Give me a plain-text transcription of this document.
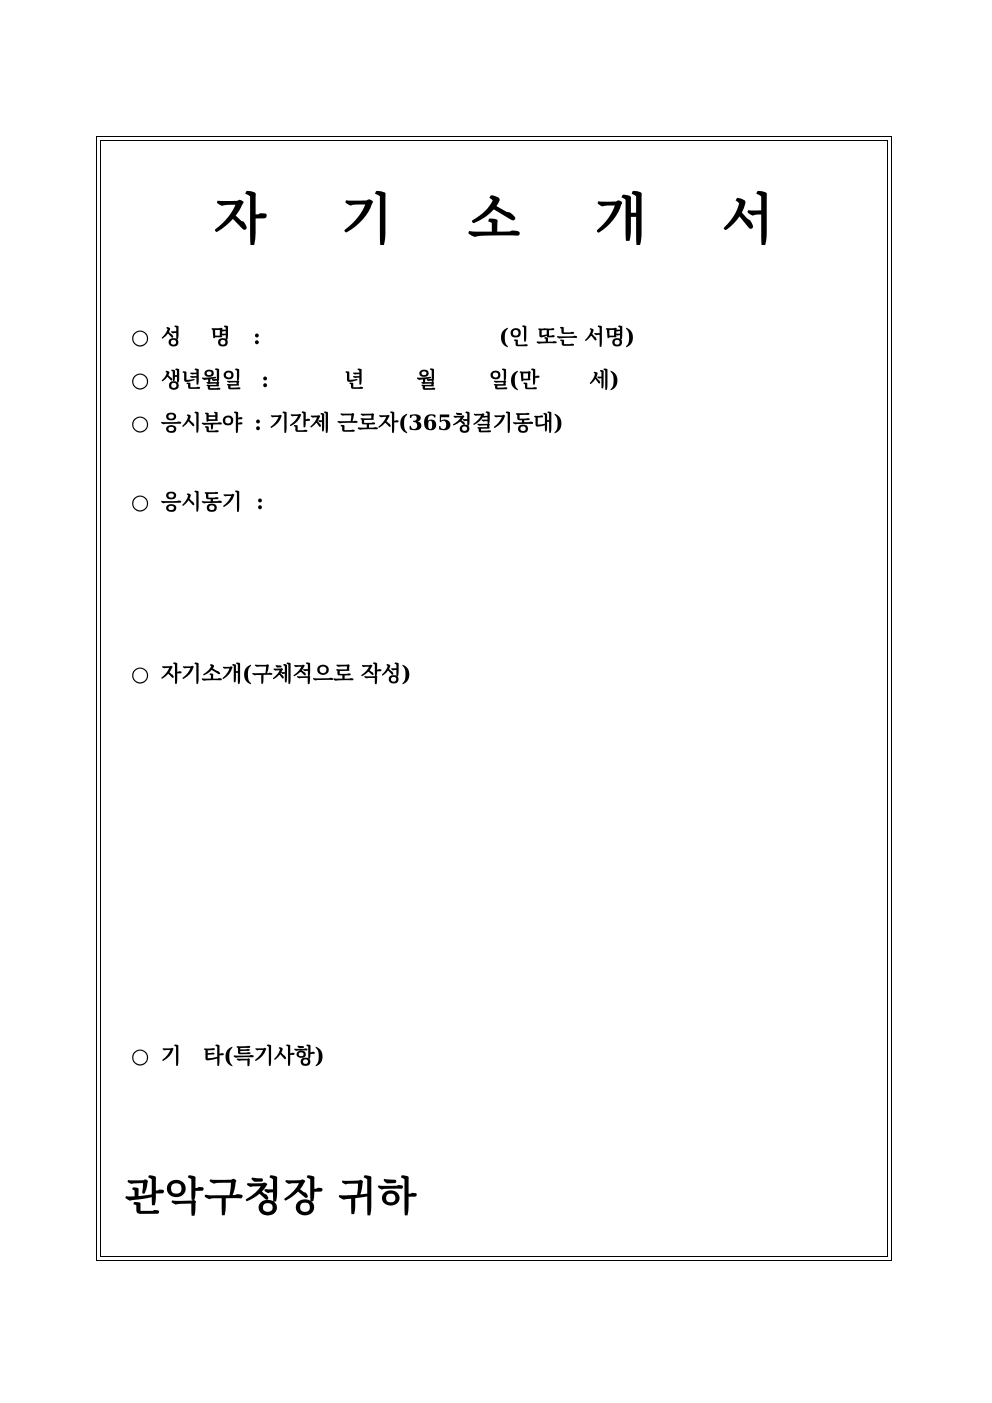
자 기 소 개 서
○ 성    명 :	(인 또는 서명)
○ 생년월일 :	년 월 일(만 세)
○ 응시분야 : 기간제 근로자(365청결기동대)
○ 응시동기 :
○ 자기소개(구체적으로 작성)
○ 기   타(특기사항)
관악구청장 귀하
